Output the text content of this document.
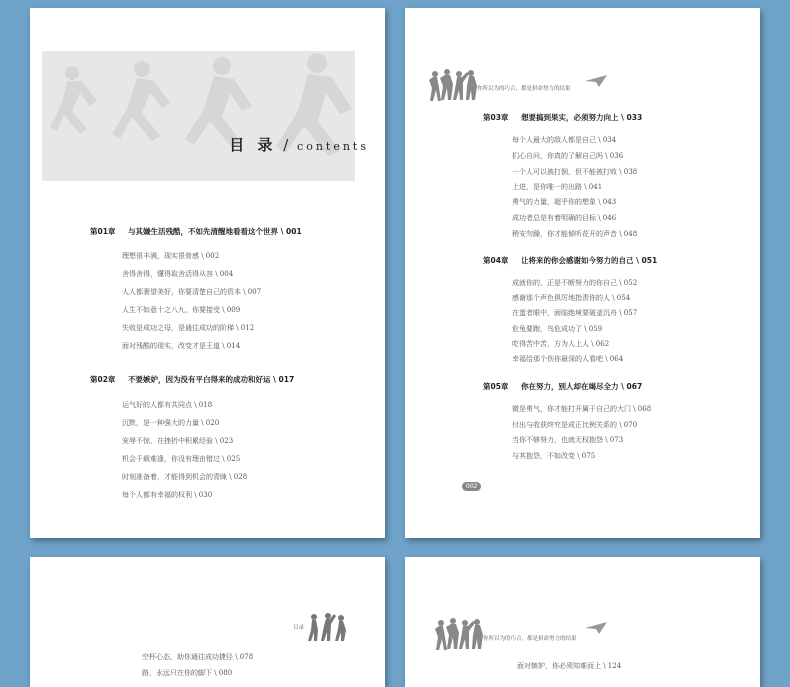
目 录 / contents
第01章 与其嫌生活残酷，不如先清醒地看看这个世界 \ 001
理想很丰满，现实很骨感 \ 002
舍得舍得，懂得取舍活得从容 \ 004
人人都奢望美好，你要清楚自己的资本 \ 007
人生不如意十之八九，你要接受 \ 009
失败是成功之母，是通往成功的阶梯 \ 012
面对残酷的现实，改变才是王道 \ 014
第02章 不要嫉妒，因为没有平白得来的成功和好运 \ 017
运气好的人都有共同点 \ 018
沉默，是一种强大的力量 \ 020
宠辱不惊，在挫折中积累经验 \ 023
机会千载难逢，你没有理由错过 \ 025
时刻准备着，才能得到机会的青睐 \ 028
每个人都有幸福的权利 \ 030
你所以为的巧合，都是拼命努力的结果
第03章 想要搞到果实，必须努力向上 \ 033
每个人最大的敌人都是自己 \ 034
扪心自问，你真的了解自己吗 \ 036
一个人可以被打倒，但不能被打败 \ 038
上进，是你唯一的出路 \ 041
勇气的力量，超乎你的想象 \ 043
成功者总是有着明确的目标 \ 046
稍安勿躁，你才能倾听花开的声音 \ 048
第04章 让将来的你会感谢如今努力的自己 \ 051
成就你的，正是不断努力的你自己 \ 052
感谢那个声色俱厉地指责你的人 \ 054
在蛋者眼中，面临绝境要破釜沉舟 \ 057
危兔要跑，鸟危成功了 \ 059
吃得苦中苦，方为人上人 \ 062
幸福给那个伤你最深的人看吧 \ 064
第05章 你在努力，别人却在竭尽全力 \ 067
微是勇气，你才能打开属于自己的大门 \ 068
付出与收获终究是成正比例关系的 \ 070
当你不够努力，也就无权抱怨 \ 073
与其抱怨，不如改变 \ 075
002
目录
空杯心态，助你通往成功捷径 \ 078
路，永远只在你的脚下 \ 080
你所以为的巧合，都是拼命努力的结果
面对嫉妒，你必须知难而上 \ 124
